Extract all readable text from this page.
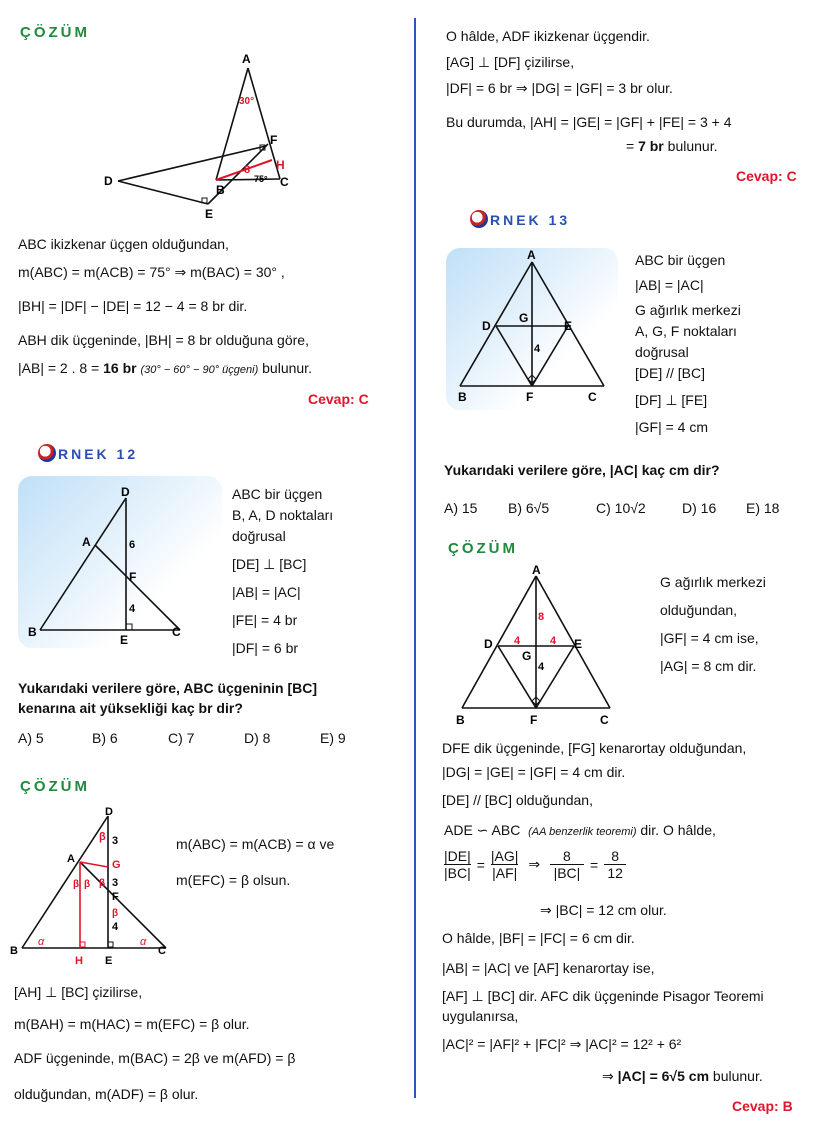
ÇÖZÜM
A
30°
F
H
8
75° C
D
B
E
ABC ikizkenar üçgen olduğundan,
m(ABC) = m(ACB) = 75° ⇒ m(BAC) = 30° ,
|BH| = |DF| − |DE| = 12 − 4 = 8 br dir.
ABH dik üçgeninde, |BH| = 8 br olduğuna göre,
|AB| = 2 . 8 = 16 br (30° − 60° − 90° üçgeni) bulunur.
Cevap: C
RNEK 12
D
A	6
F
4
B
E
C
ABC bir üçgen
B, A, D noktaları
doğrusal
[DE] ⊥ [BC]
|AB| = |AC|
|FE| = 4 br
|DF| = 6 br
Yukarıdaki verilere göre, ABC üçgeninin [BC]
kenarına ait yüksekliği kaç br dir?
A) 5	B) 6	C) 7	D) 8	E) 9
ÇÖZÜM
D
β 3
A	G
β β 3
β
F
β
4
α	α
B
H E
C
m(ABC) = m(ACB) = α ve
m(EFC) = β olsun.
[AH] ⊥ [BC] çizilirse,
m(BAH) = m(HAC) = m(EFC) = β olur.
ADF üçgeninde, m(BAC) = 2β ve m(AFD) = β
olduğundan, m(ADF) = β olur.
O hâlde, ADF ikizkenar üçgendir.
[AG] ⊥ [DF] çizilirse,
|DF| = 6 br ⇒ |DG| = |GF| = 3 br olur.
Bu durumda, |AH| = |GE| = |GF| + |FE| = 3 + 4
= 7 br bulunur.
Cevap: C
RNEK 13
A
D
G
E
4
B	F	C
ABC bir üçgen
|AB| = |AC|
G ağırlık merkezi
A, G, F noktaları
doğrusal
[DE] // [BC]
[DF] ⊥ [FE]
|GF| = 4 cm
Yukarıdaki verilere göre, |AC| kaç cm dir?
A) 15 B) 6√5	C) 10√2	D) 16 E) 18
ÇÖZÜM
A
8
D 4	4 E
G
4
B	F	C
G ağırlık merkezi
olduğundan,
|GF| = 4 cm ise,
|AG| = 8 cm dir.
DFE dik üçgeninde, [FG] kenarortay olduğundan,
|DG| = |GE| = |GF| = 4 cm dir.
[DE] // [BC] olduğundan,
ADE ∽ ABC (AA benzerlik teoremi) dir. O hâlde,
$\frac{|DE|}{|BC|} = \frac{|AG|}{|AF|}$ ⇒ $\frac{8}{|BC|} = \frac{8}{12}$
⇒ |BC| = 12 cm olur.
O hâlde, |BF| = |FC| = 6 cm dir.
|AB| = |AC| ve [AF] kenarortay ise,
[AF] ⊥ [BC] dir. AFC dik üçgeninde Pisagor Teoremi
uygulanırsa,
|AC|² = |AF|² + |FC|² ⇒ |AC|² = 12² + 6²
⇒ |AC| = 6√5 cm bulunur.
Cevap: B
